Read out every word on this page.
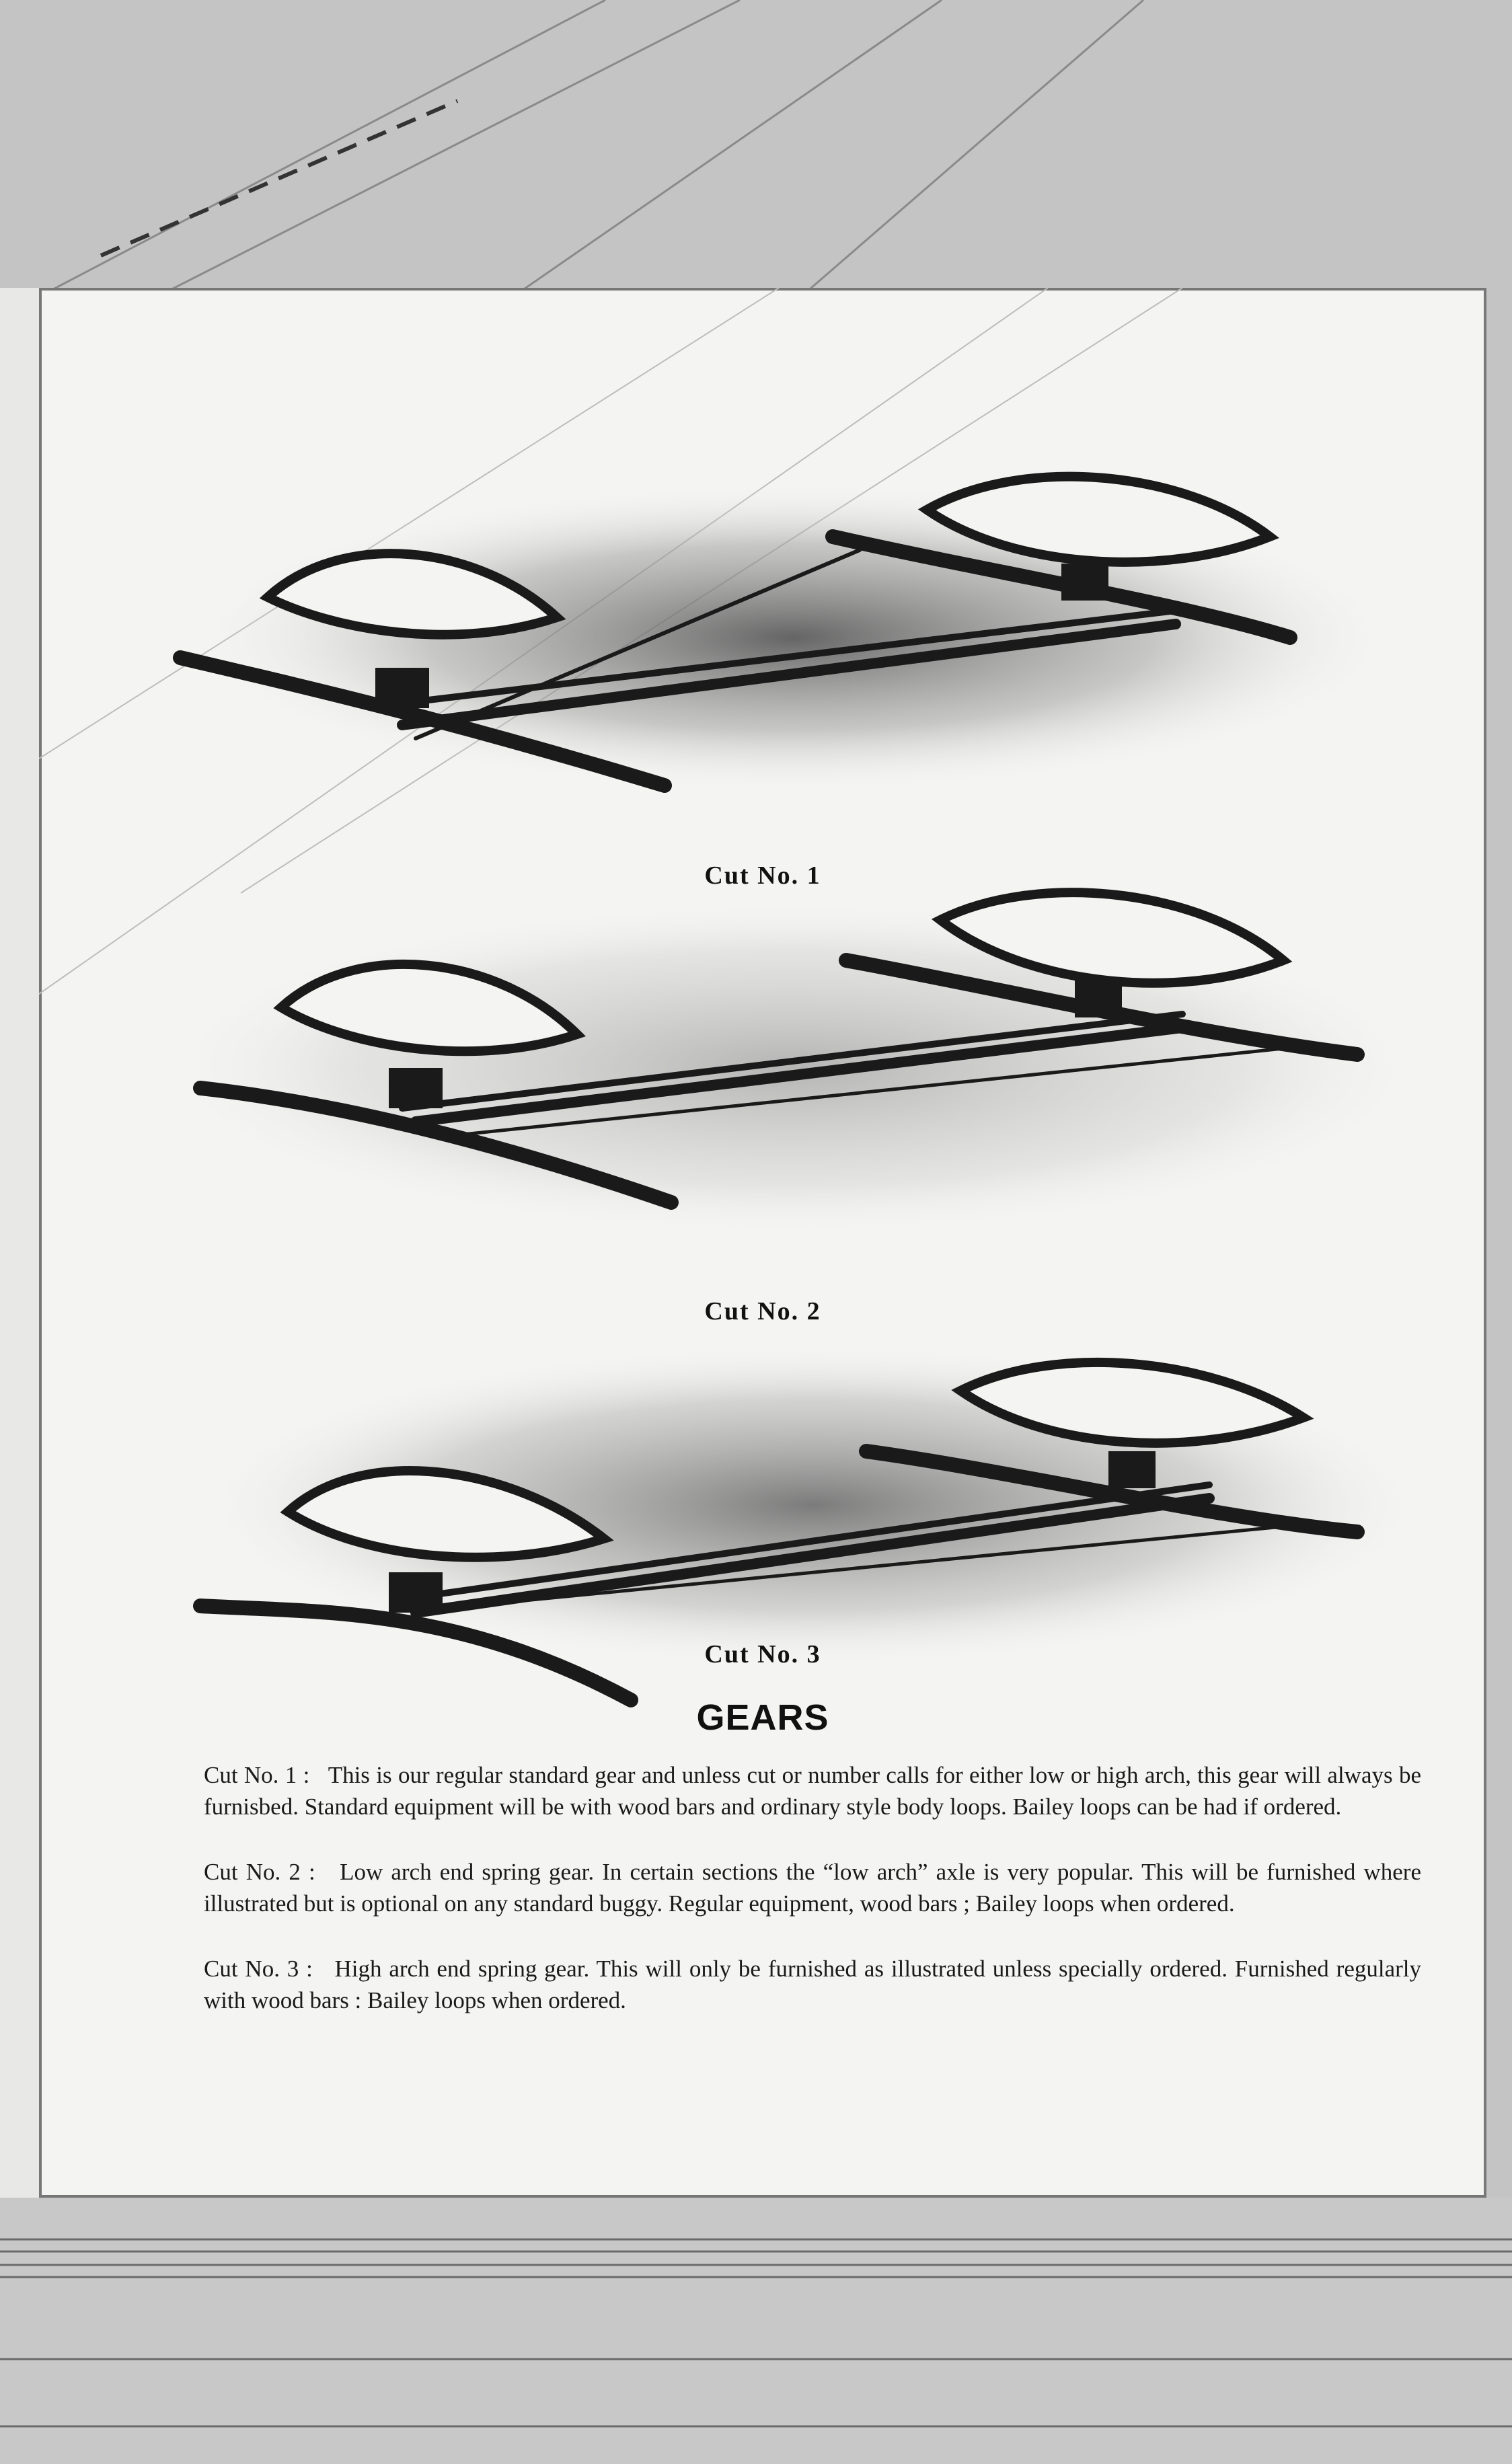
Cut No. 1
Cut No. 2
Cut No. 3
GEARS
Cut No. 1 : This is our regular standard gear and unless cut or number calls for either low or high arch, this gear will always be furnisbed. Standard equipment will be with wood bars and ordinary style body loops. Bailey loops can be had if ordered.
Cut No. 2 : Low arch end spring gear. In certain sections the “low arch” axle is very popular. This will be furnished where illustrated but is optional on any standard buggy. Regular equipment, wood bars ; Bailey loops when ordered.
Cut No. 3 : High arch end spring gear. This will only be furnished as illustrated unless specially ordered. Furnished regularly with wood bars : Bailey loops when ordered.
